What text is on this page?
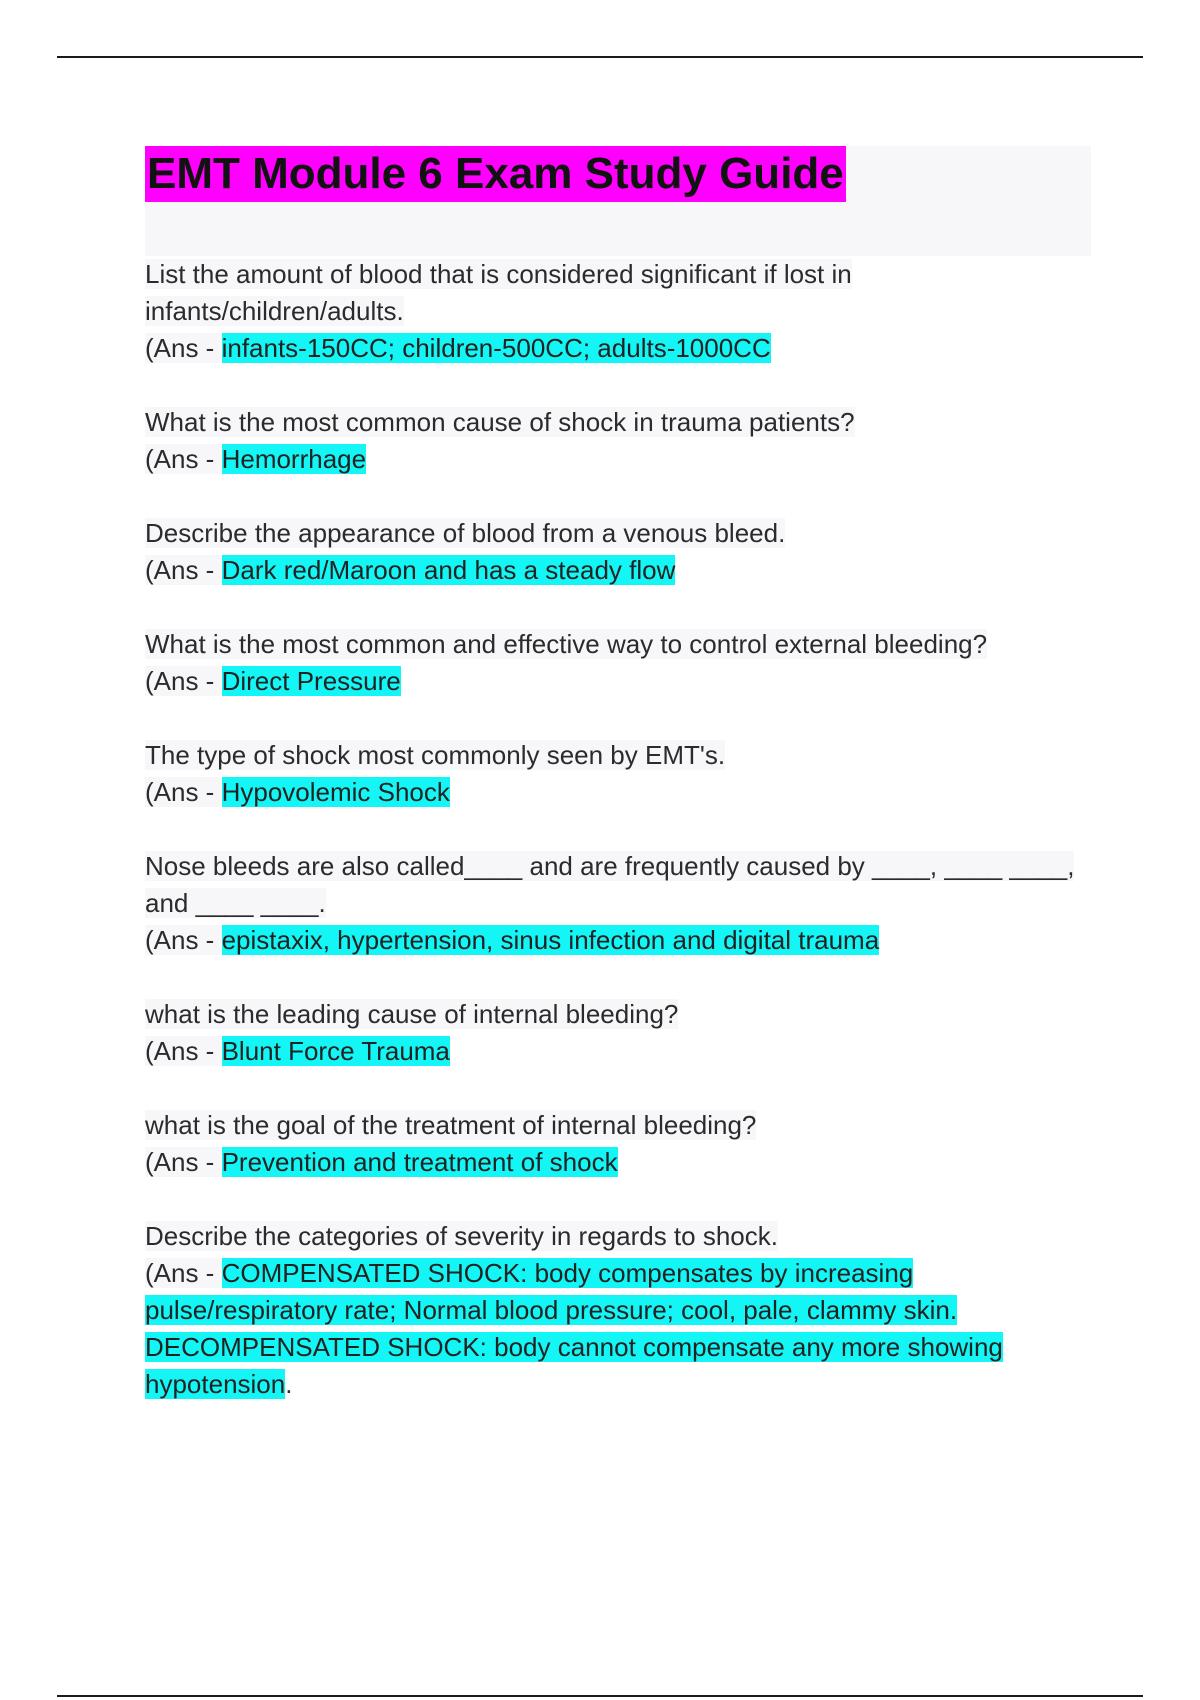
EMT Module 6 Exam Study Guide
List the amount of blood that is considered significant if lost in infants/children/adults.
(Ans - infants-150CC; children-500CC; adults-1000CC
What is the most common cause of shock in trauma patients?
(Ans - Hemorrhage
Describe the appearance of blood from a venous bleed.
(Ans - Dark red/Maroon and has a steady flow
What is the most common and effective way to control external bleeding?
(Ans - Direct Pressure
The type of shock most commonly seen by EMT's.
(Ans - Hypovolemic Shock
Nose bleeds are also called____ and are frequently caused by ____, ____ ____, and ____ ____.
(Ans - epistaxix, hypertension, sinus infection and digital trauma
what is the leading cause of internal bleeding?
(Ans - Blunt Force Trauma
what is the goal of the treatment of internal bleeding?
(Ans - Prevention and treatment of shock
Describe the categories of severity in regards to shock.
(Ans - COMPENSATED SHOCK: body compensates by increasing pulse/respiratory rate; Normal blood pressure; cool, pale, clammy skin. DECOMPENSATED SHOCK: body cannot compensate any more showing hypotension.
